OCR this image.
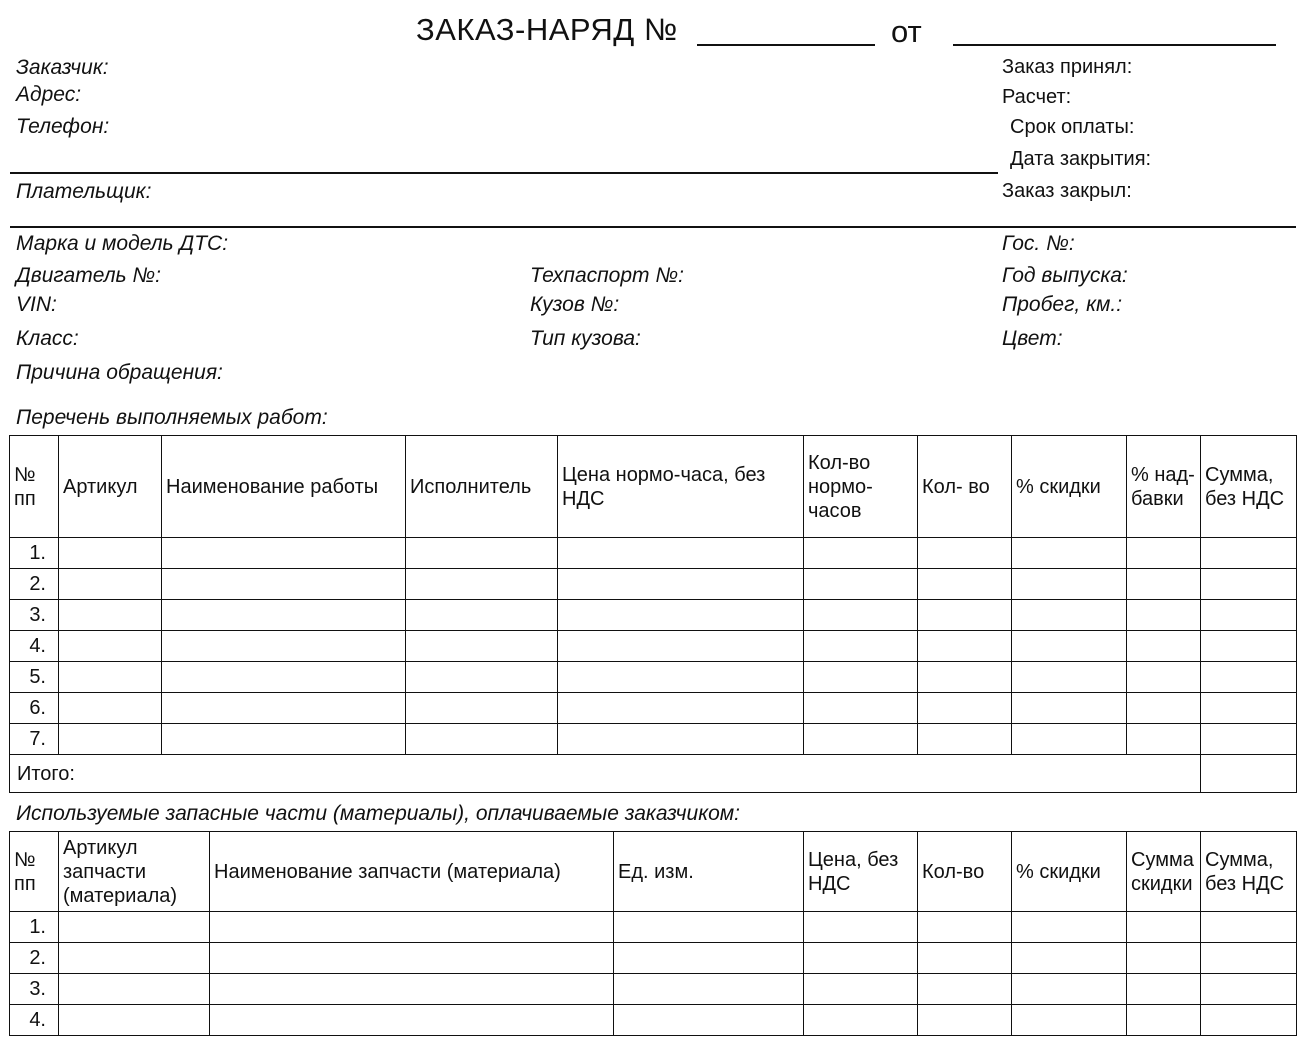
ЗАКАЗ-НАРЯД №	от
Заказчик:
Адрес:
Телефон:
Плательщик:
Заказ принял:
Расчет:
Срок оплаты:
Дата закрытия:
Заказ закрыл:
Марка и модель ДТС:	Гос. №:
Двигатель №:	Техпаспорт №:	Год выпуска:
VIN:	Кузов №:	Пробег, км.:
Класс:	Тип кузова:	Цвет:
Причина обращения:
Перечень выполняемых работ:
№ пп	Артикул	Наименование работы	Исполнитель	Цена нормо-часа, без НДС	Кол-во нормо-часов	Кол- во	% скидки	% над-бавки	Сумма, без НДС
1.									
2.									
3.									
4.									
5.									
6.									
7.									
Итого:									
Используемые запасные части (материалы), оплачиваемые заказчиком:
№ пп	Артикул запчасти (материала)	Наименование запчасти (материала)	Ед. изм.	Цена, без НДС	Кол-во	% скидки	Сумма скидки	Сумма, без НДС
1.								
2.								
3.								
4.								
